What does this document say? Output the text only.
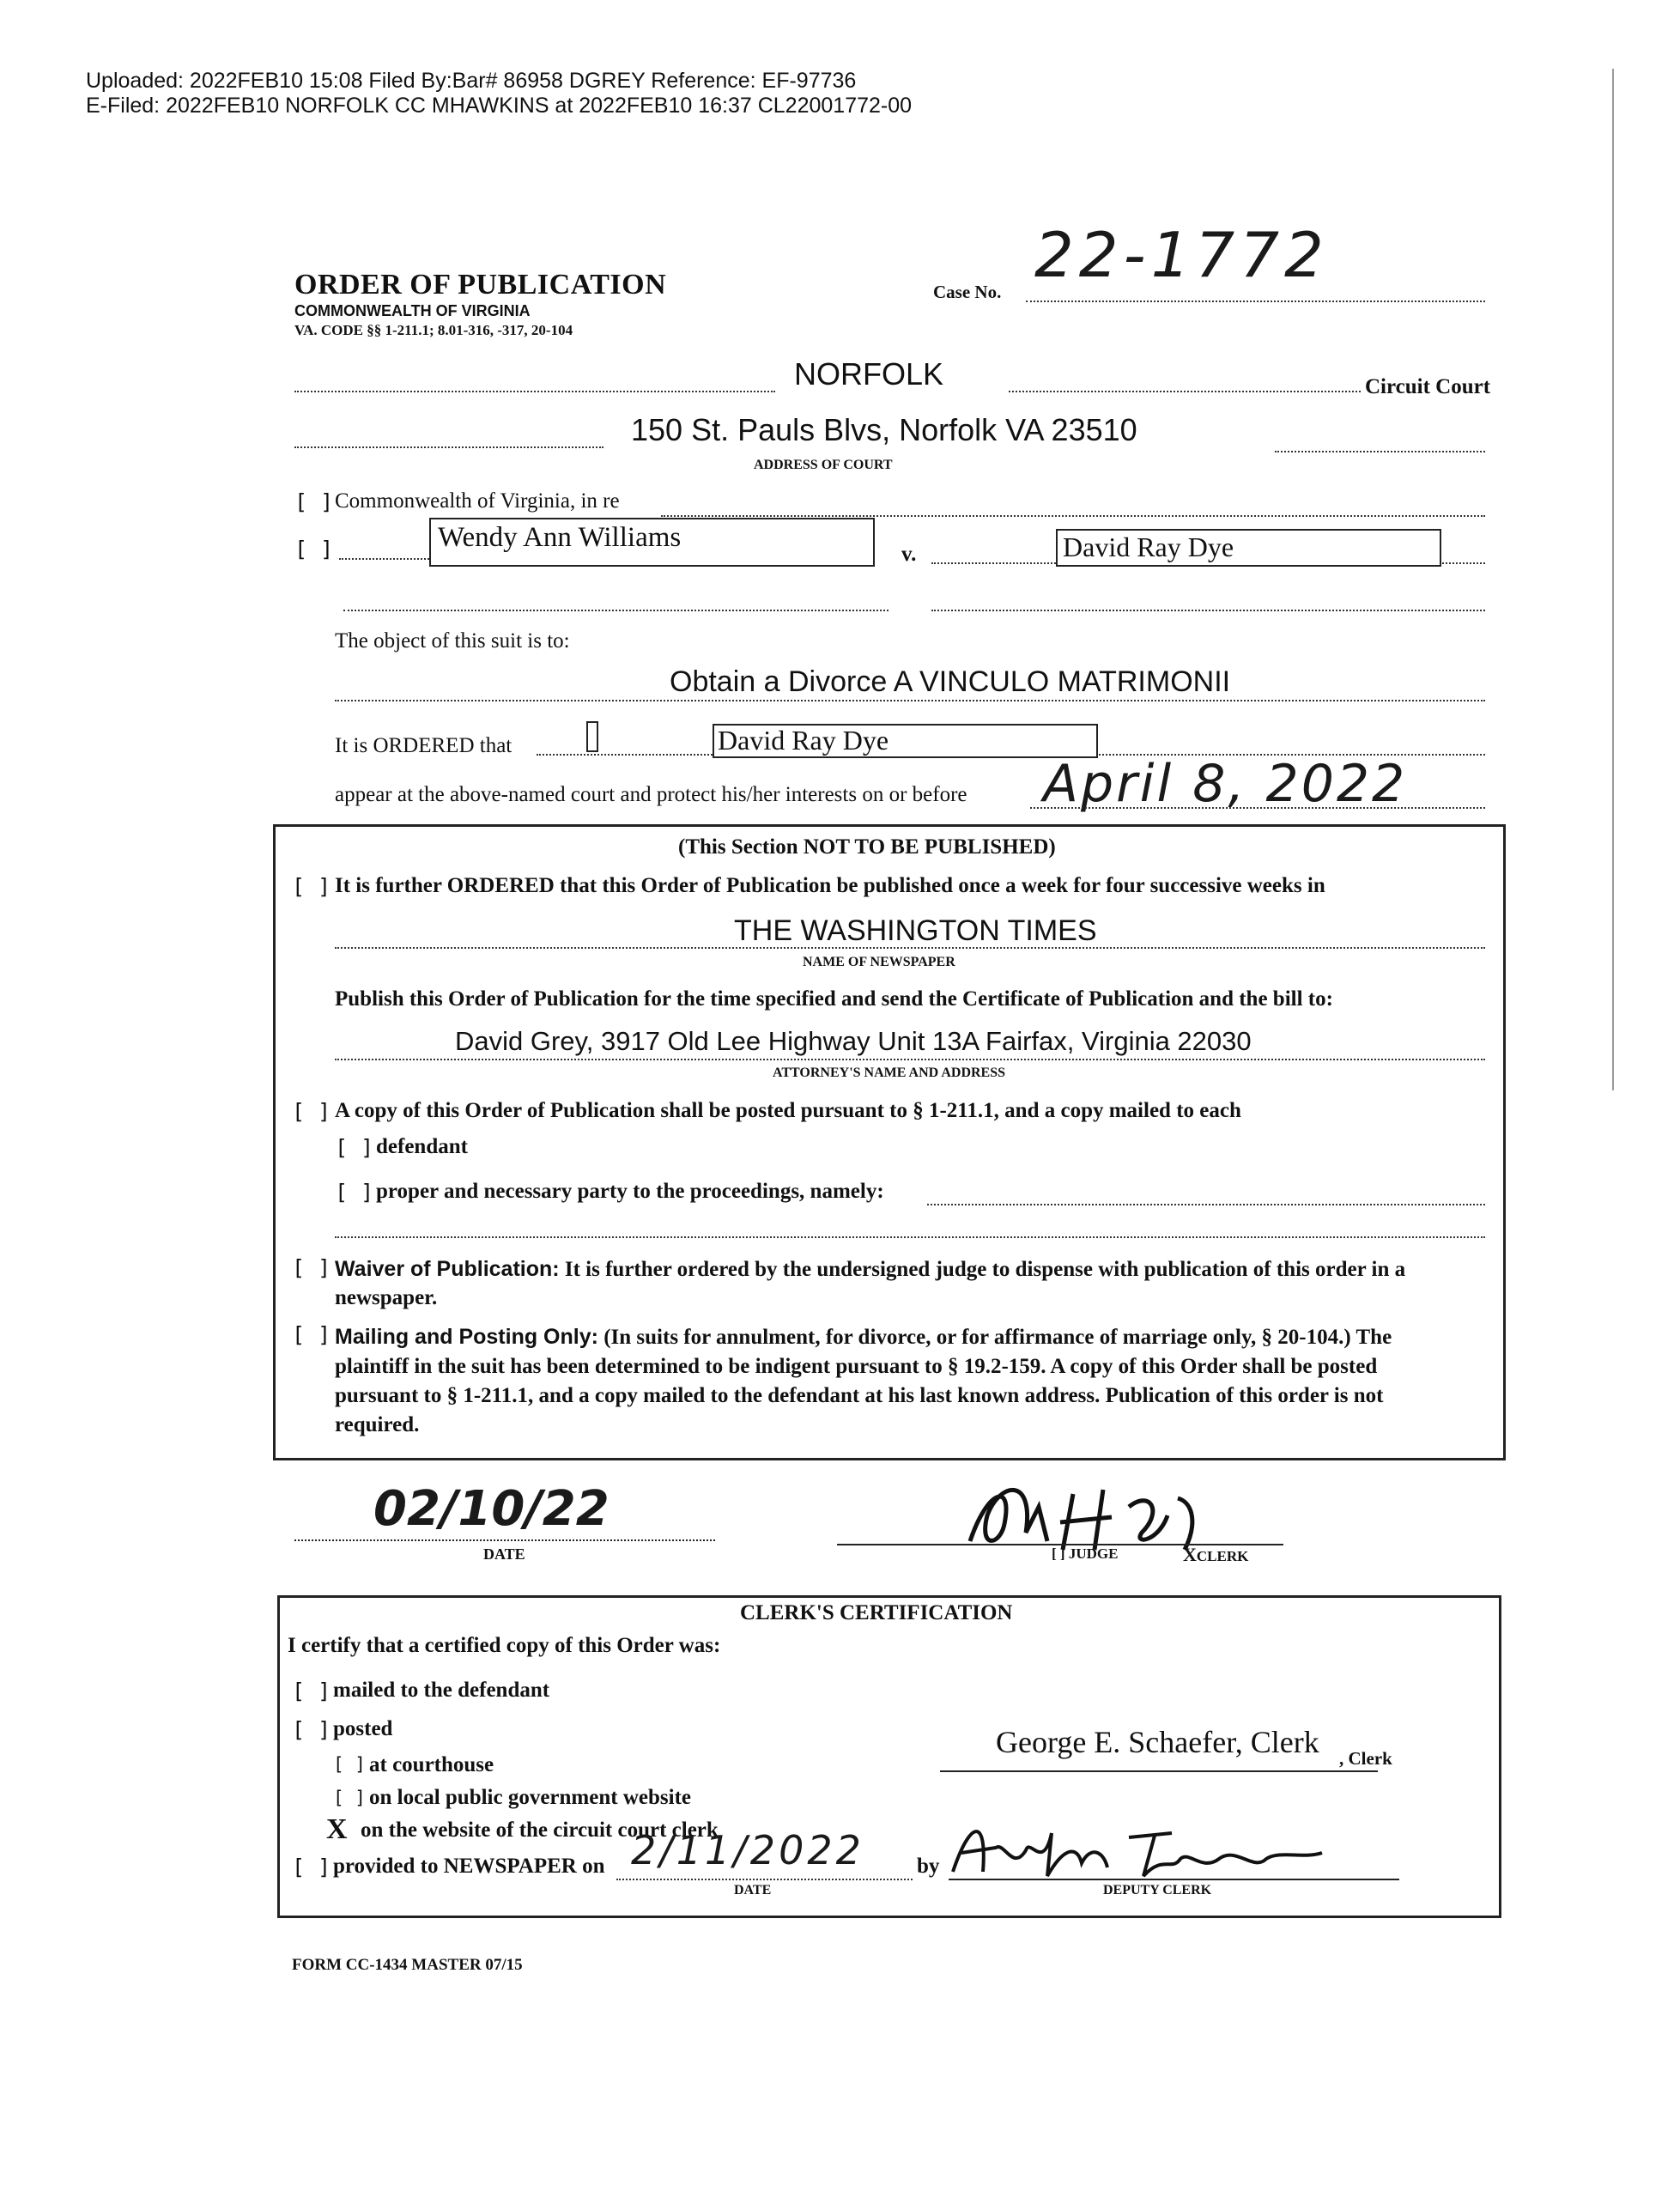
Uploaded: 2022FEB10 15:08 Filed By:Bar# 86958 DGREY Reference: EF-97736
E-Filed: 2022FEB10 NORFOLK CC MHAWKINS at 2022FEB10 16:37 CL22001772-00
ORDER OF PUBLICATION
COMMONWEALTH OF VIRGINIA
VA. CODE §§ 1-211.1; 8.01-316, -317, 20-104
Case No.
22-1772
NORFOLK	Circuit Court
150 St. Pauls Blvs, Norfolk VA 23510
ADDRESS OF COURT
[ ] Commonwealth of Virginia, in re
[ ]	Wendy Ann Williams
v.	David Ray Dye
The object of this suit is to:
Obtain a Divorce A VINCULO MATRIMONII
It is ORDERED that	David Ray Dye
appear at the above-named court and protect his/her interests on or before April 8, 2022
(This Section NOT TO BE PUBLISHED)
[ ] It is further ORDERED that this Order of Publication be published once a week for four successive weeks in
THE WASHINGTON TIMES
NAME OF NEWSPAPER
Publish this Order of Publication for the time specified and send the Certificate of Publication and the bill to:
David Grey, 3917 Old Lee Highway Unit 13A Fairfax, Virginia 22030
ATTORNEY'S NAME AND ADDRESS
[ ] A copy of this Order of Publication shall be posted pursuant to § 1-211.1, and a copy mailed to each
[ ] defendant
[ ] proper and necessary party to the proceedings, namely:
[ ] Waiver of Publication: It is further ordered by the undersigned judge to dispense with publication of this order in a
newspaper.
[ ] Mailing and Posting Only: (In suits for annulment, for divorce, or for affirmance of marriage only, § 20-104.) The
plaintiff in the suit has been determined to be indigent pursuant to § 19.2-159. A copy of this Order shall be posted
pursuant to § 1-211.1, and a copy mailed to the defendant at his last known address. Publication of this order is not
required.
02/10/22
DATE	[ ] JUDGE	XCLERK
CLERK'S CERTIFICATION
I certify that a certified copy of this Order was:
[ ] mailed to the defendant
[ ] posted
[ ] at courthouse
[ ] on local public government website
X on the website of the circuit court clerk
[ ] provided to NEWSPAPER on 2/11/2022
DATE
by
George E. Schaefer, Clerk , Clerk
DEPUTY CLERK
FORM CC-1434 MASTER 07/15
